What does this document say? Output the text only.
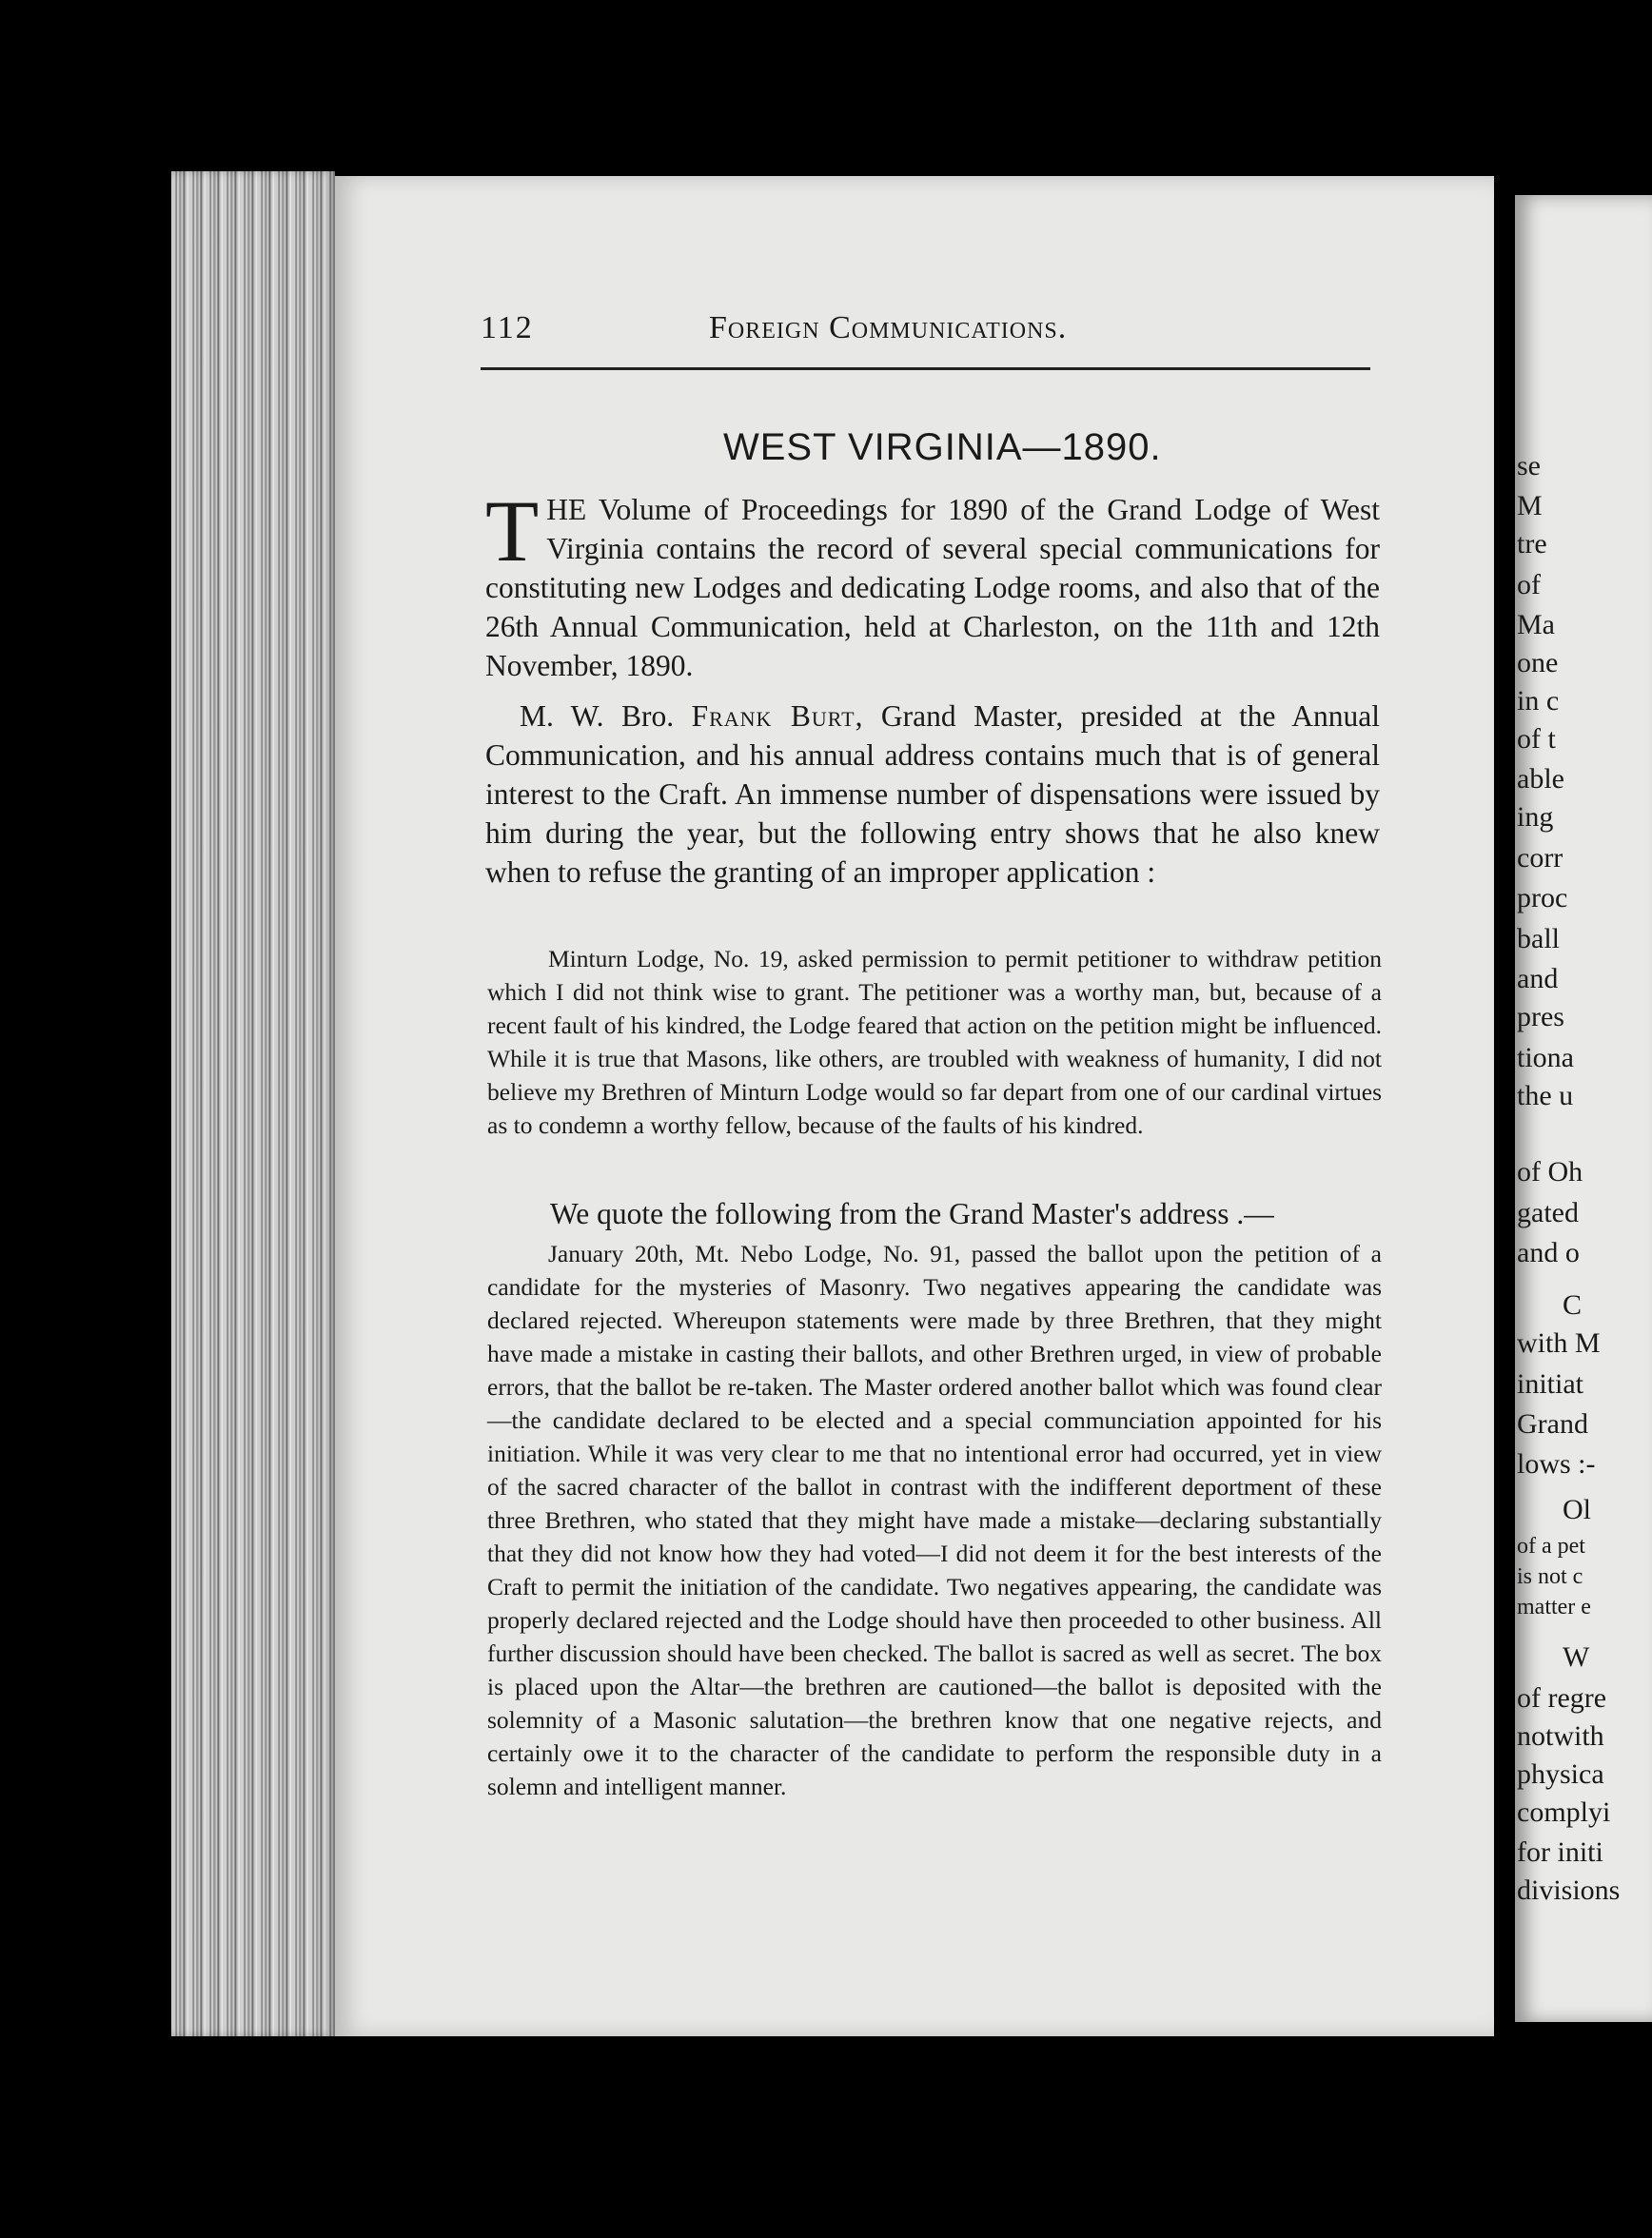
112	Foreign Communications.
WEST VIRGINIA—1890.
THE Volume of Proceedings for 1890 of the Grand Lodge of West Virginia contains the record of several special communications for constituting new Lodges and dedicating Lodge rooms, and also that of the 26th Annual Communication, held at Charleston, on the 11th and 12th November, 1890.
M. W. Bro. Frank Burt, Grand Master, presided at the Annual Communication, and his annual address contains much that is of general interest to the Craft. An immense number of dispensations were issued by him during the year, but the following entry shows that he also knew when to refuse the granting of an improper application :
Minturn Lodge, No. 19, asked permission to permit petitioner to withdraw petition which I did not think wise to grant. The petitioner was a worthy man, but, because of a recent fault of his kindred, the Lodge feared that action on the petition might be influenced. While it is true that Masons, like others, are troubled with weakness of humanity, I did not believe my Brethren of Minturn Lodge would so far depart from one of our cardinal virtues as to condemn a worthy fellow, because of the faults of his kindred.
We quote the following from the Grand Master's address .—
January 20th, Mt. Nebo Lodge, No. 91, passed the ballot upon the petition of a candidate for the mysteries of Masonry. Two negatives appearing the candidate was declared rejected. Whereupon statements were made by three Brethren, that they might have made a mistake in casting their ballots, and other Brethren urged, in view of probable errors, that the ballot be re-taken. The Master ordered another ballot which was found clear—the candidate declared to be elected and a special communciation appointed for his initiation. While it was very clear to me that no intentional error had occurred, yet in view of the sacred character of the ballot in contrast with the indifferent deportment of these three Brethren, who stated that they might have made a mistake—declaring substantially that they did not know how they had voted—I did not deem it for the best interests of the Craft to permit the initiation of the candidate. Two negatives appearing, the candidate was properly declared rejected and the Lodge should have then proceeded to other business. All further discussion should have been checked. The ballot is sacred as well as secret. The box is placed upon the Altar—the brethren are cautioned—the ballot is deposited with the solemnity of a Masonic salutation—the brethren know that one negative rejects, and certainly owe it to the character of the candidate to perform the responsible duty in a solemn and intelligent manner.
se
M
tre
of
Ma
one
in c
of t
able
ing
corr
proc
ball
and
pres
tiona
the u
of Oh
gated
and o
C
with M
initiat
Grand
lows :-
Ol
of a pet
is not c
matter e
W
of regre
notwith
physica
complyi
for initi
divisions
